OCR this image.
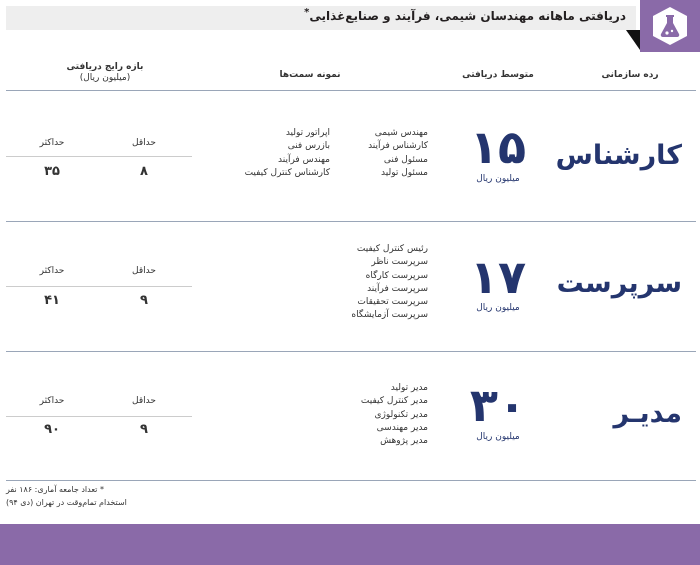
دریافتی ماهانه مهندسان شیمی، فرآیند و صنایع‌غذایی*
رده سازمانی
متوسط دریافتی
نمونه سمت‌ها
بازه رایج دریافتی
(میلیون ریال)
کارشناس
۱۵
میلیون ریال
مهندس شیمی
کارشناس فرآیند
مسئول فنی
مسئول تولید
اپراتور تولید
بازرس فنی
مهندس فرآیند
کارشناس کنترل کیفیت
حداقل
حداکثر
۸
۳۵
سرپرست
۱۷
میلیون ریال
رئیس کنترل کیفیت
سرپرست ناظر
سرپرست کارگاه
سرپرست فرآیند
سرپرست تحقیقات
سرپرست آزمایشگاه
حداقل
حداکثر
۹
۴۱
مدیـر
۳۰
میلیون ریال
مدیر تولید
مدیر کنترل کیفیت
مدیر تکنولوژی
مدیر مهندسی
مدیر پژوهش
حداقل
حداکثر
۹
۹۰
* تعداد جامعه آماری: ۱۸۶ نفر
استخدام تمام‌وقت در تهران (دی ۹۴)
